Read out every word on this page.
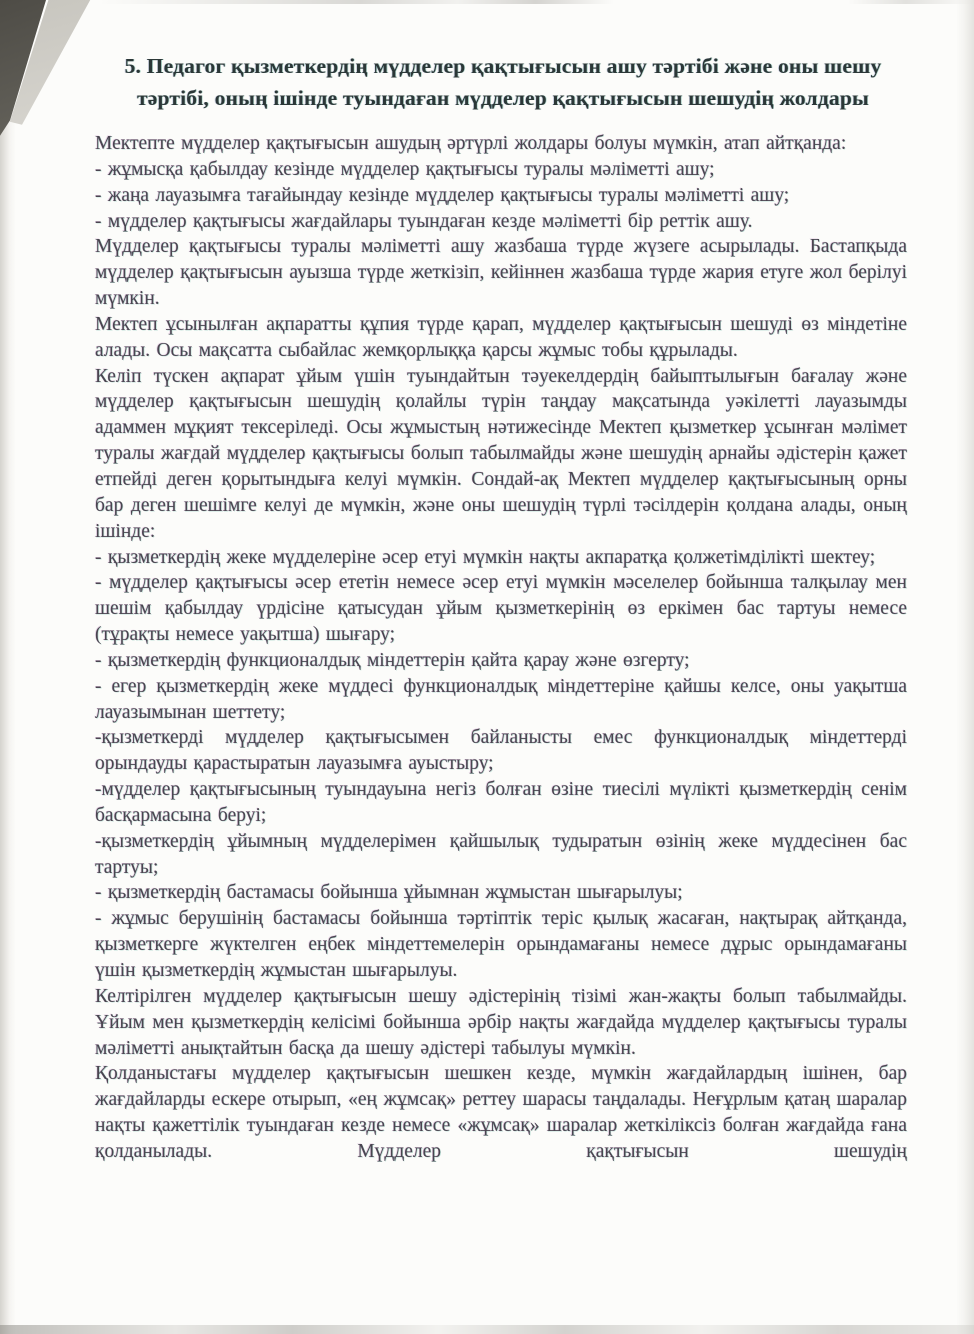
5. Педагог қызметкердің мүдделер қақтығысын ашу тәртібі және оны шешу тәртібі, оның ішінде туындаған мүдделер қақтығысын шешудің жолдары

Мектепте мүдделер қақтығысын ашудың әртүрлі жолдары болуы мүмкін, атап айтқанда:

- жұмысқа қабылдау кезінде мүдделер қақтығысы туралы мәліметті ашу;

- жаңа лауазымға тағайындау кезінде мүдделер қақтығысы туралы мәліметті ашу;

- мүдделер қақтығысы жағдайлары туындаған кезде мәліметті бір реттік ашу.

Мүдделер қақтығысы туралы мәліметті ашу жазбаша түрде жүзеге асырылады. Бастапқыда мүдделер қақтығысын ауызша түрде жеткізіп, кейіннен жазбаша түрде жария етуге жол берілуі мүмкін.

Мектеп ұсынылған ақпаратты құпия түрде қарап, мүдделер қақтығысын шешуді өз міндетіне алады. Осы мақсатта сыбайлас жемқорлыққа қарсы жұмыс тобы құрылады.

Келіп түскен ақпарат ұйым үшін туындайтын тәуекелдердің байыптылығын бағалау және мүдделер қақтығысын шешудің қолайлы түрін таңдау мақсатында уәкілетті лауазымды адаммен мұқият тексеріледі. Осы жұмыстың нәтижесінде Мектеп қызметкер ұсынған мәлімет туралы жағдай мүдделер қақтығысы болып табылмайды және шешудің арнайы әдістерін қажет етпейді деген қорытындыға келуі мүмкін. Сондай-ақ Мектеп мүдделер қақтығысының орны бар деген шешімге келуі де мүмкін, және оны шешудің түрлі тәсілдерін қолдана алады, оның ішінде:

- қызметкердің жеке мүдделеріне әсер етуі мүмкін нақты акпаратқа қолжетімділікті шектеу;

- мүдделер қақтығысы әсер ететін немесе әсер етуі мүмкін мәселелер бойынша талқылау мен шешім қабылдау үрдісіне қатысудан ұйым қызметкерінің өз еркімен бас тартуы немесе (тұрақты немесе уақытша) шығару;

- қызметкердің функционалдық міндеттерін қайта қарау және өзгерту;

- егер қызметкердің жеке мүддесі функционалдық міндеттеріне қайшы келсе, оны уақытша лауазымынан шеттету;

-қызметкерді мүдделер қақтығысымен байланысты емес функционалдық міндеттерді орындауды қарастыратын лауазымға ауыстыру;

-мүдделер қақтығысының туындауына негіз болған өзіне тиесілі мүлікті қызметкердің сенім басқармасына беруі;

-қызметкердің ұйымның мүдделерімен қайшылық тудыратын өзінің жеке мүддесінен бас тартуы;

- қызметкердің бастамасы бойынша ұйымнан жұмыстан шығарылуы;

- жұмыс берушінің бастамасы бойынша тәртіптік теріс қылық жасаған, нақтырақ айтқанда, қызметкерге жүктелген еңбек міндеттемелерін орындамағаны немесе дұрыс орындамағаны үшін қызметкердің жұмыстан шығарылуы.

Келтірілген мүдделер қақтығысын шешу әдістерінің тізімі жан-жақты болып табылмайды. Ұйым мен қызметкердің келісімі бойынша әрбір нақты жағдайда мүдделер қақтығысы туралы мәліметті анықтайтын басқа да шешу әдістері табылуы мүмкін.

Қолданыстағы мүдделер қақтығысын шешкен кезде, мүмкін жағдайлардың ішінен, бар жағдайларды ескере отырып, «ең жұмсақ» реттеу шарасы таңдалады. Неғұрлым қатаң шаралар нақты қажеттілік туындаған кезде немесе «жұмсақ» шаралар жеткіліксіз болған жағдайда ғана қолданылады. Мүдделер қақтығысын шешудің
